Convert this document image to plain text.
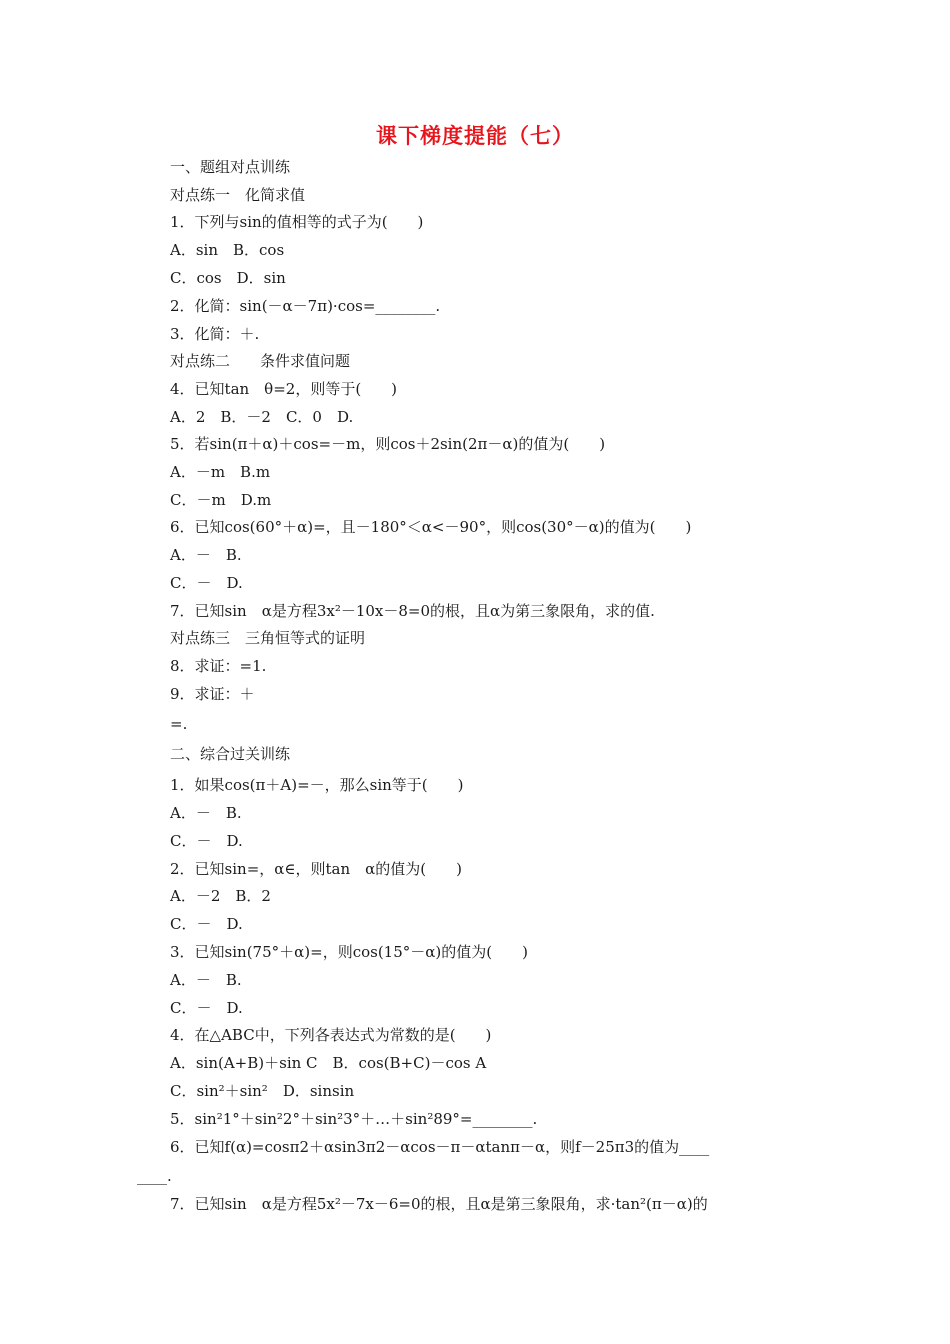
课下梯度提能（七）
一、题组对点训练
对点练一　化简求值
1．下列与sin的值相等的式子为(　　)
A．sin　B．cos
C．cos　D．sin
2．化简：sin(－α－7π)·cos=________.
3．化简：＋.
对点练二　　条件求值问题
4．已知tan　θ=2，则等于(　　)
A．2　B．－2　C．0　D.
5．若sin(π＋α)＋cos=－m，则cos＋2sin(2π－α)的值为(　　)
A．－m　B.m
C．－m　D.m
6．已知cos(60°＋α)=，且－180°＜α<－90°，则cos(30°－α)的值为(　　)
A．－　B.
C．－　D.
7．已知sin　α是方程3x²－10x－8=0的根，且α为第三象限角，求的值.
对点练三　三角恒等式的证明
8．求证：=1.
9．求证：＋
=.
二、综合过关训练
1．如果cos(π＋A)=－，那么sin等于(　　)
A．－　B.
C．－　D.
2．已知sin=，α∈，则tan　α的值为(　　)
A．－2　B．2
C．－　D.
3．已知sin(75°＋α)=，则cos(15°－α)的值为(　　)
A．－　B.
C．－　D.
4．在△ABC中，下列各表达式为常数的是(　　)
A．sin(A+B)＋sin C　B．cos(B+C)－cos A
C．sin²＋sin²　D．sinsin
5．sin²1°＋sin²2°＋sin²3°＋…＋sin²89°=________.
6．已知f(α)=cosπ2＋αsin3π2－αcos－π－αtanπ－α，则f－25π3的值为____
____.
7．已知sin　α是方程5x²－7x－6=0的根，且α是第三象限角，求·tan²(π－α)的
